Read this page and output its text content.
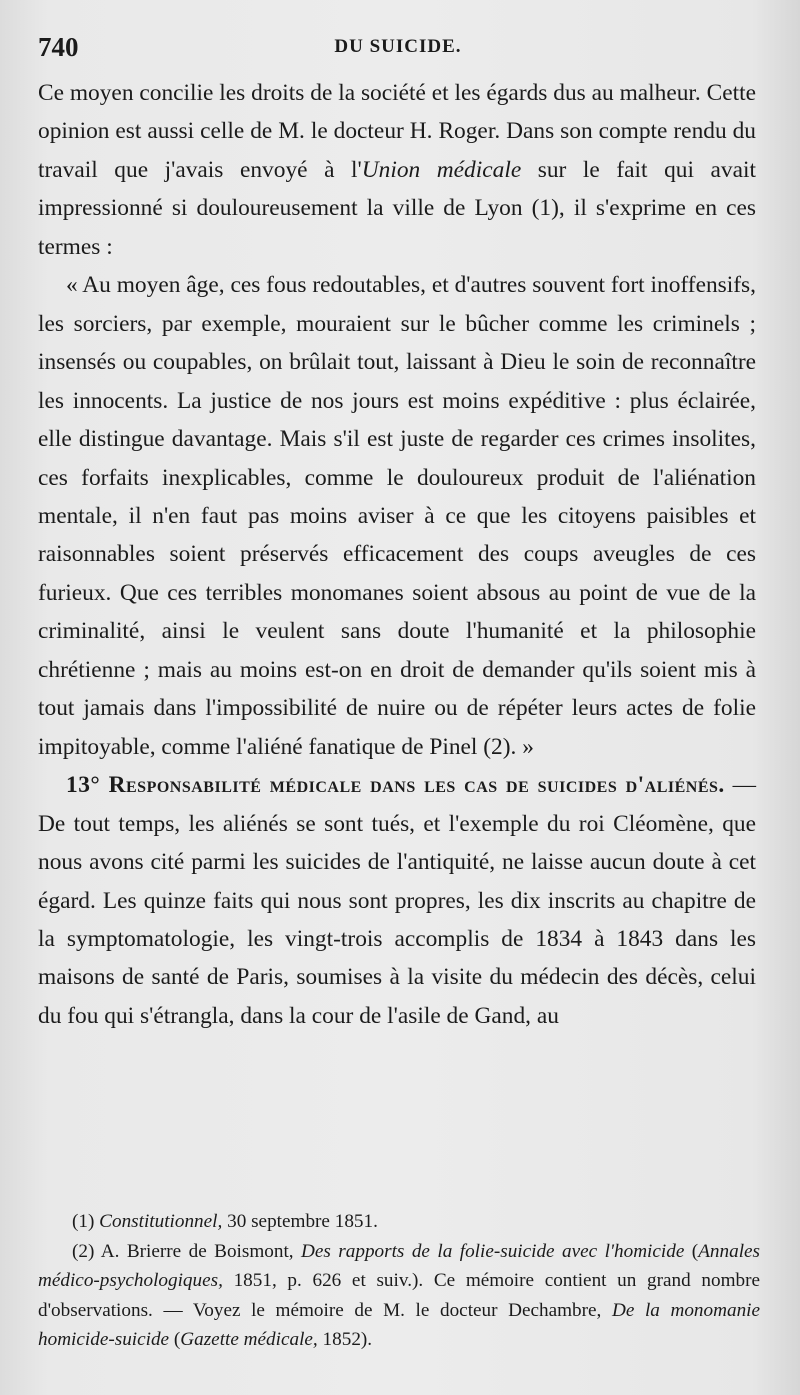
740	DU SUICIDE.

Ce moyen concilie les droits de la société et les égards dus au malheur. Cette opinion est aussi celle de M. le docteur H. Roger. Dans son compte rendu du travail que j'avais envoyé à l'Union médicale sur le fait qui avait impressionné si douloureusement la ville de Lyon (1), il s'exprime en ces termes :

« Au moyen âge, ces fous redoutables, et d'autres souvent fort inoffensifs, les sorciers, par exemple, mouraient sur le bûcher comme les criminels ; insensés ou coupables, on brûlait tout, laissant à Dieu le soin de reconnaître les innocents. La justice de nos jours est moins expéditive : plus éclairée, elle distingue davantage. Mais s'il est juste de regarder ces crimes insolites, ces forfaits inexplicables, comme le douloureux produit de l'aliénation mentale, il n'en faut pas moins aviser à ce que les citoyens paisibles et raisonnables soient préservés efficacement des coups aveugles de ces furieux. Que ces terribles monomanes soient absous au point de vue de la criminalité, ainsi le veulent sans doute l'humanité et la philosophie chrétienne ; mais au moins est-on en droit de demander qu'ils soient mis à tout jamais dans l'impossibilité de nuire ou de répéter leurs actes de folie impitoyable, comme l'aliéné fanatique de Pinel (2). »

13° Responsabilité médicale dans les cas de suicides d'aliénés. — De tout temps, les aliénés se sont tués, et l'exemple du roi Cléomène, que nous avons cité parmi les suicides de l'antiquité, ne laisse aucun doute à cet égard. Les quinze faits qui nous sont propres, les dix inscrits au chapitre de la symptomatologie, les vingt-trois accomplis de 1834 à 1843 dans les maisons de santé de Paris, soumises à la visite du médecin des décès, celui du fou qui s'étrangla, dans la cour de l'asile de Gand, au

(1) Constitutionnel, 30 septembre 1851.

(2) A. Brierre de Boismont, Des rapports de la folie-suicide avec l'homicide (Annales médico-psychologiques, 1851, p. 626 et suiv.). Ce mémoire contient un grand nombre d'observations. — Voyez le mémoire de M. le docteur Dechambre, De la monomanie homicide-suicide (Gazette médicale, 1852).
